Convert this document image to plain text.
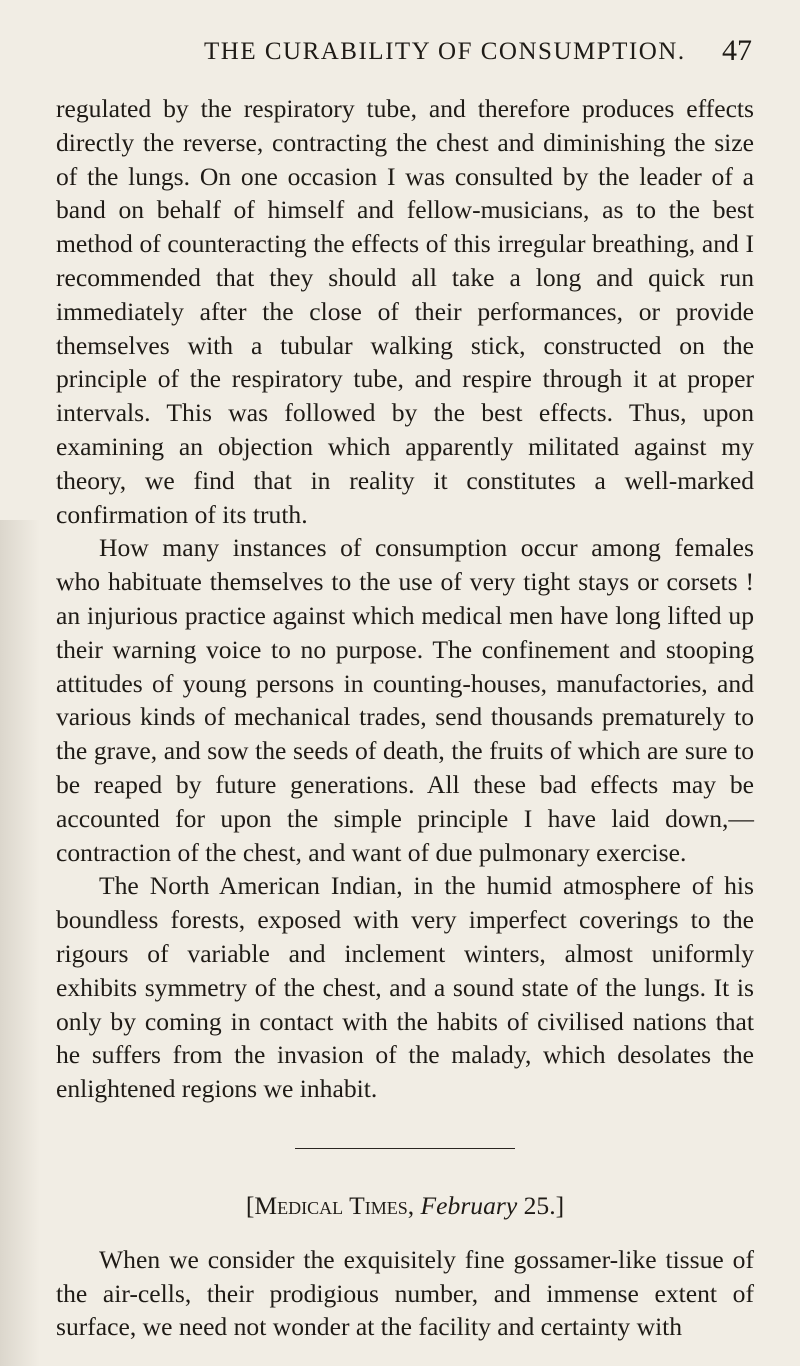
THE CURABILITY OF CONSUMPTION. 47

regulated by the respiratory tube, and therefore produces effects directly the reverse, contracting the chest and diminishing the size of the lungs. On one occasion I was consulted by the leader of a band on behalf of himself and fellow-musicians, as to the best method of counteracting the effects of this irregular breathing, and I recommended that they should all take a long and quick run immediately after the close of their performances, or provide themselves with a tubular walking stick, constructed on the principle of the respiratory tube, and respire through it at proper intervals. This was followed by the best effects. Thus, upon examining an objection which apparently militated against my theory, we find that in reality it constitutes a well-marked confirmation of its truth.

How many instances of consumption occur among females who habituate themselves to the use of very tight stays or corsets ! an injurious practice against which medical men have long lifted up their warning voice to no purpose. The confinement and stooping attitudes of young persons in counting-houses, manufactories, and various kinds of mechanical trades, send thousands prematurely to the grave, and sow the seeds of death, the fruits of which are sure to be reaped by future generations. All these bad effects may be accounted for upon the simple principle I have laid down,—contraction of the chest, and want of due pulmonary exercise.

The North American Indian, in the humid atmosphere of his boundless forests, exposed with very imperfect coverings to the rigours of variable and inclement winters, almost uniformly exhibits symmetry of the chest, and a sound state of the lungs. It is only by coming in contact with the habits of civilised nations that he suffers from the invasion of the malady, which desolates the enlightened regions we inhabit.

[Medical Times, February 25.]

When we consider the exquisitely fine gossamer-like tissue of the air-cells, their prodigious number, and immense extent of surface, we need not wonder at the facility and certainty with
